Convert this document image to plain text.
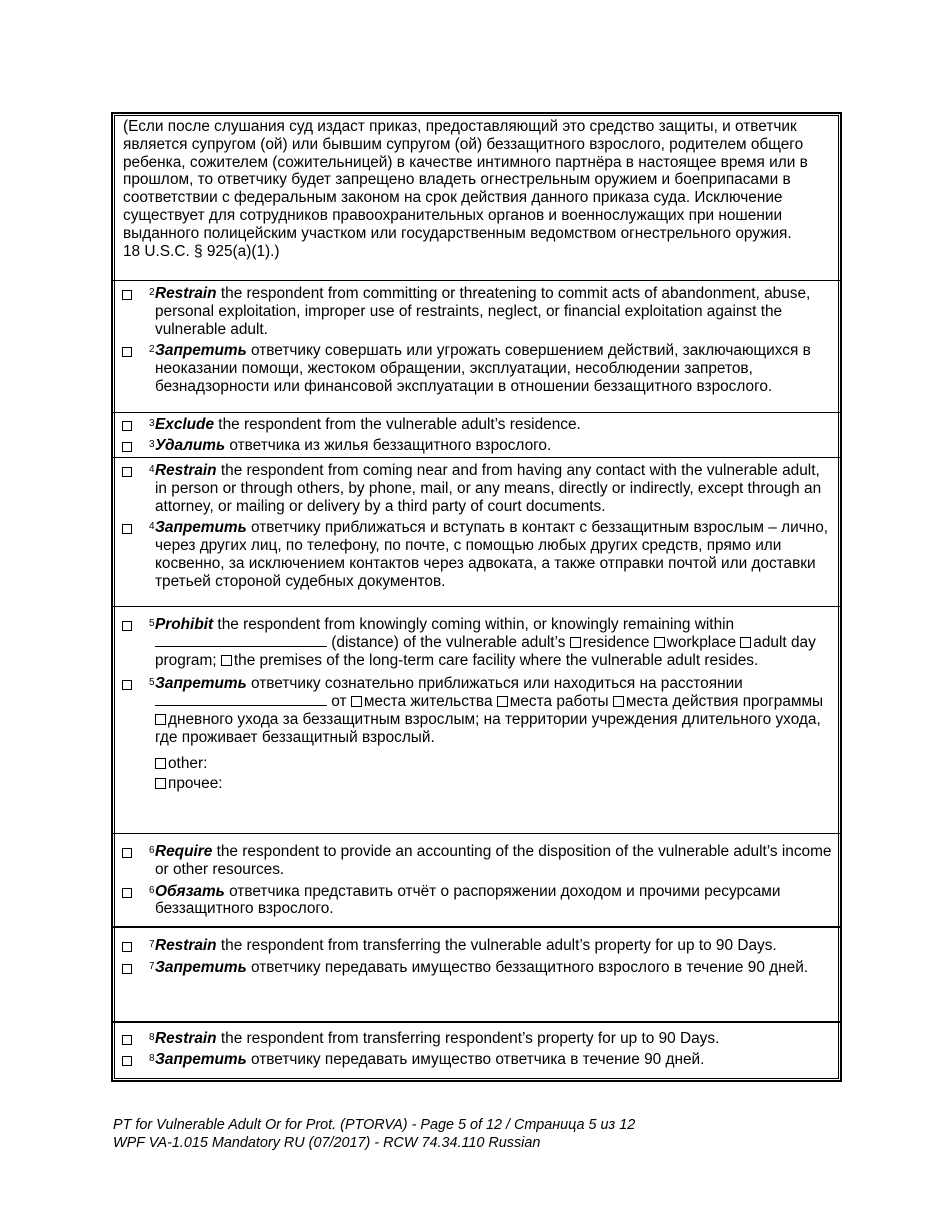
(Если после слушания суд издаст приказ, предоставляющий это средство защиты, и ответчик является супругом (ой) или бывшим супругом (ой) беззащитного взрослого, родителем общего ребенка, сожителем (сожительницей) в качестве интимного партнёра в настоящее время или в прошлом, то ответчику будет запрещено владеть огнестрельным оружием и боеприпасами в соответствии с федеральным законом на срок действия данного приказа суда. Исключение существует для сотрудников правоохранительных органов и военнослужащих при ношении выданного полицейским участком или государственным ведомством огнестрельного оружия.

18 U.S.C. § 925(a)(1).)

2 Restrain the respondent from committing or threatening to commit acts of abandonment, abuse, personal exploitation, improper use of restraints, neglect, or financial exploitation against the vulnerable adult.
2 Запретить ответчику совершать или угрожать совершением действий, заключающихся в неоказании помощи, жестоком обращении, эксплуатации, несоблюдении запретов, безнадзорности или финансовой эксплуатации в отношении беззащитного взрослого.
3 Exclude the respondent from the vulnerable adult’s residence.
3 Удалить ответчика из жилья беззащитного взрослого.
4 Restrain the respondent from coming near and from having any contact with the vulnerable adult, in person or through others, by phone, mail, or any means, directly or indirectly, except through an attorney, or mailing or delivery by a third party of court documents.
4 Запретить ответчику приближаться и вступать в контакт с беззащитным взрослым – лично, через других лиц, по телефону, по почте, с помощью любых других средств, прямо или косвенно, за исключением контактов через адвоката, а также отправки почтой или доставки третьей стороной судебных документов.
5 Prohibit the respondent from knowingly coming within, or knowingly remaining within  (distance) of the vulnerable adult’s residence workplace adult day program; the premises of the long-term care facility where the vulnerable adult resides.
5 Запретить ответчику сознательно приближаться или находиться на расстоянии  от места жительства места работы места действия программы дневного ухода за беззащитным взрослым; на территории учреждения длительного ухода, где проживает беззащитный взрослый.
other:
прочее:
6 Require the respondent to provide an accounting of the disposition of the vulnerable adult’s income or other resources.
6 Обязать ответчика представить отчёт о распоряжении доходом и прочими ресурсами беззащитного взрослого.
7 Restrain the respondent from transferring the vulnerable adult’s property for up to 90 Days.
7 Запретить ответчику передавать имущество беззащитного взрослого в течение 90 дней.
8 Restrain the respondent from transferring respondent’s property for up to 90 Days.
8 Запретить ответчику передавать имущество ответчика в течение 90 дней.
PT for Vulnerable Adult Or for Prot. (PTORVA) - Page 5 of 12 / Страница 5 из 12
WPF VA-1.015 Mandatory RU (07/2017) - RCW 74.34.110 Russian
